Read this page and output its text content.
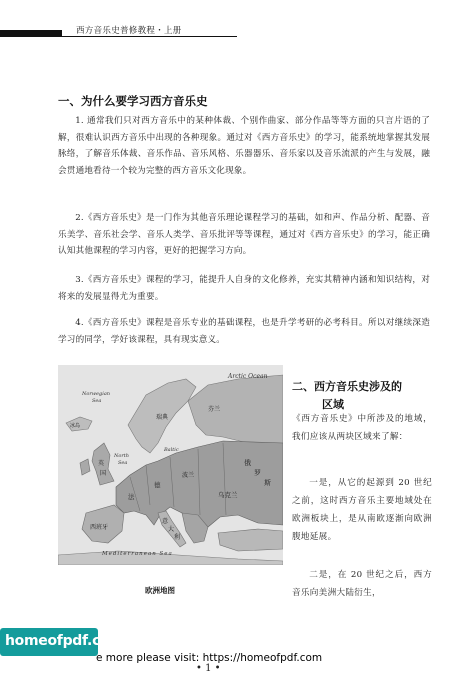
西方音乐史普修教程・上册
一、为什么要学习西方音乐史
1. 通常我们只对西方音乐中的某种体裁、个别作曲家、部分作品等等方面的只言片语的了解，很难认识西方音乐中出现的各种现象。通过对《西方音乐史》的学习，能系统地掌握其发展脉络，了解音乐体裁、音乐作品、音乐风格、乐器器乐、音乐家以及音乐流派的产生与发展，融会贯通地看待一个较为完整的西方音乐文化现象。
2.《西方音乐史》是一门作为其他音乐理论课程学习的基础，如和声、作品分析、配器、音乐美学、音乐社会学、音乐人类学、音乐批评等等课程，通过对《西方音乐史》的学习，能正确认知其他课程的学习内容，更好的把握学习方向。
3.《西方音乐史》课程的学习，能提升人自身的文化修养，充实其精神内涵和知识结构，对将来的发展显得尤为重要。
4.《西方音乐史》课程是音乐专业的基础课程，也是升学考研的必考科目。所以对继续深造学习的同学，学好该课程，具有现实意义。
Arctic Ocean
Norwegian
Sea
North
Sea
Baltic
Mediterranean Sea
俄
罗
斯
乌克兰
意
大
利
英
国
法
西班牙
德
波兰
瑞典
芬兰
冰岛
欧洲地图
二、西方音乐史涉及的
区域
《西方音乐史》中所涉及的地域，我们应该从两块区域来了解：
一是，从它的起源到 20 世纪之前，这时西方音乐主要地域处在欧洲板块上，是从南欧逐渐向欧洲腹地延展。
二是，在 20 世纪之后，西方音乐向美洲大陆衍生，
homeofpdf.com
e more please visit: https://homeofpdf.com
• 1 •
